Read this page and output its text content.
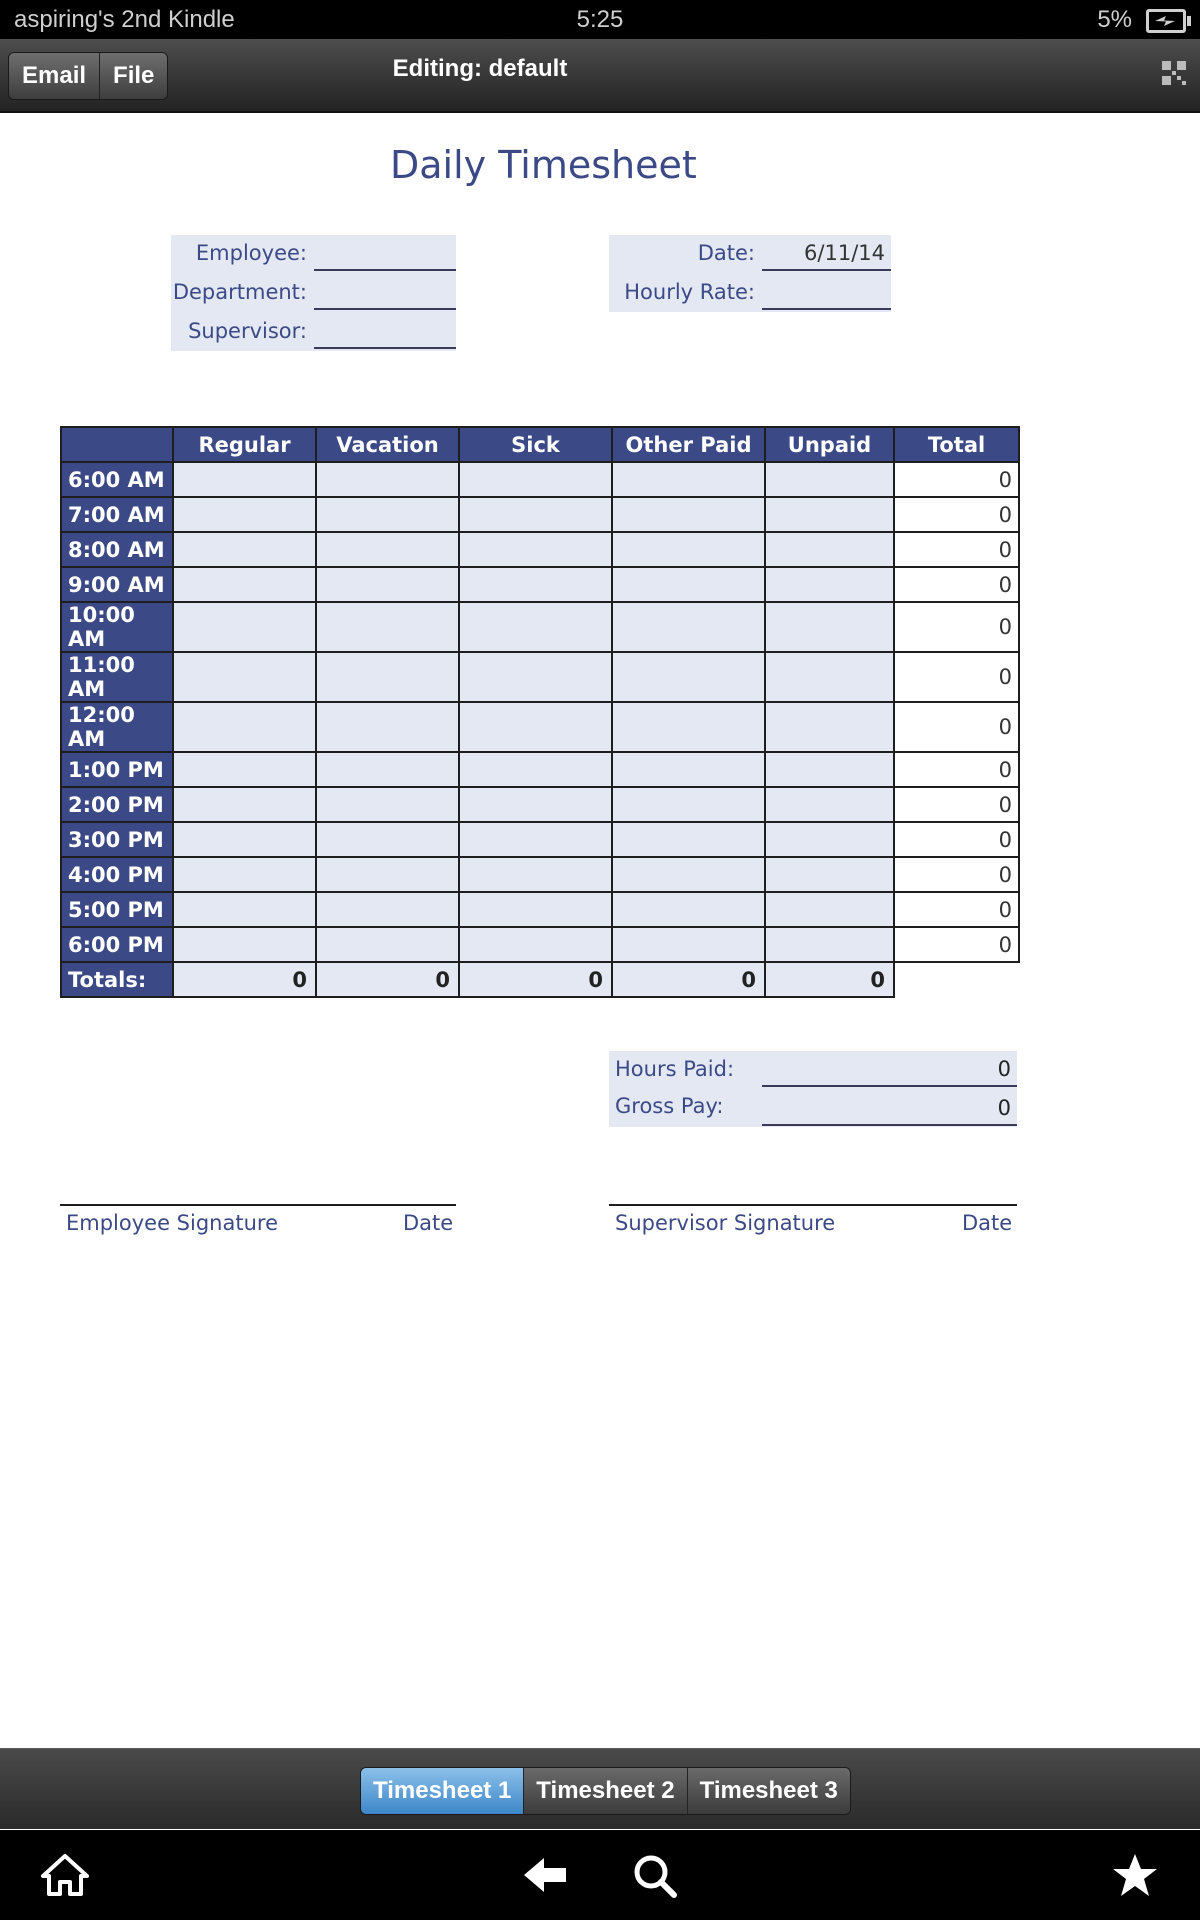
aspiring's 2nd Kindle	5:25	5%
Email	File	Editing: default
Daily Timesheet
Employee:
Department:
Supervisor:
Date:	6/11/14
Hourly Rate:
	Regular	Vacation	Sick	Other Paid	Unpaid	Total
6:00 AM						0
7:00 AM						0
8:00 AM						0
9:00 AM						0
10:00 AM						0
11:00 AM						0
12:00 AM						0
1:00 PM						0
2:00 PM						0
3:00 PM						0
4:00 PM						0
5:00 PM						0
6:00 PM						0
Totals:	0	0	0	0	0	
Hours Paid:	0
Gross Pay:	0
Employee Signature	Date	Supervisor Signature	Date
Timesheet 1	Timesheet 2	Timesheet 3
